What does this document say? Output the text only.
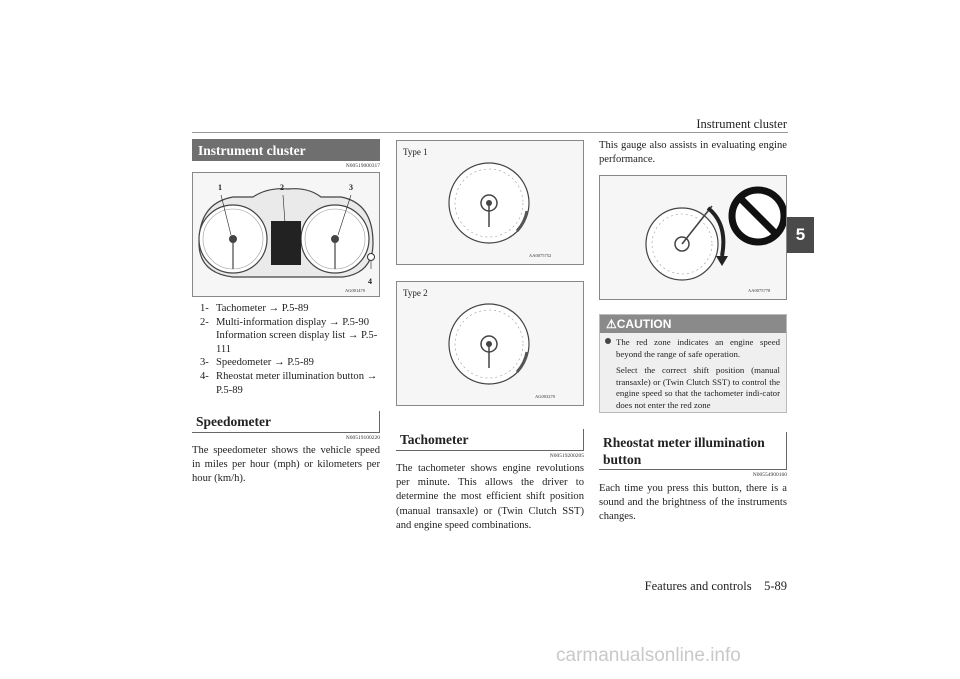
Instrument cluster
5
Instrument cluster
N00519000317
1	2	3
4
AG001470
1- Tachometer → P.5-89
2- Multi-information display → P.5-90
Information screen display list → P.5-111
3- Speedometer → P.5-89
4- Rheostat meter illumination button → P.5-89
Speedometer
N00519100220
The speedometer shows the vehicle speed in miles per hour (mph) or kilometers per hour (km/h).
Type 1
AA0075752
Type 2
AG003270
Tachometer
N00519200205
The tachometer shows engine revolutions per minute. This allows the driver to determine the most efficient shift position (manual transaxle) or (Twin Clutch SST) and engine speed combinations.
This gauge also assists in evaluating engine performance.
AA0075778
⚠CAUTION
The red zone indicates an engine speed beyond the range of safe operation.
Select the correct shift position (manual transaxle) or (Twin Clutch SST) to control the engine speed so that the tachometer indi-cator does not enter the red zone
Rheostat meter illumination button
N00554900160
Each time you press this button, there is a sound and the brightness of the instruments changes.
Features and controls    5-89
carmanualsonline.info
